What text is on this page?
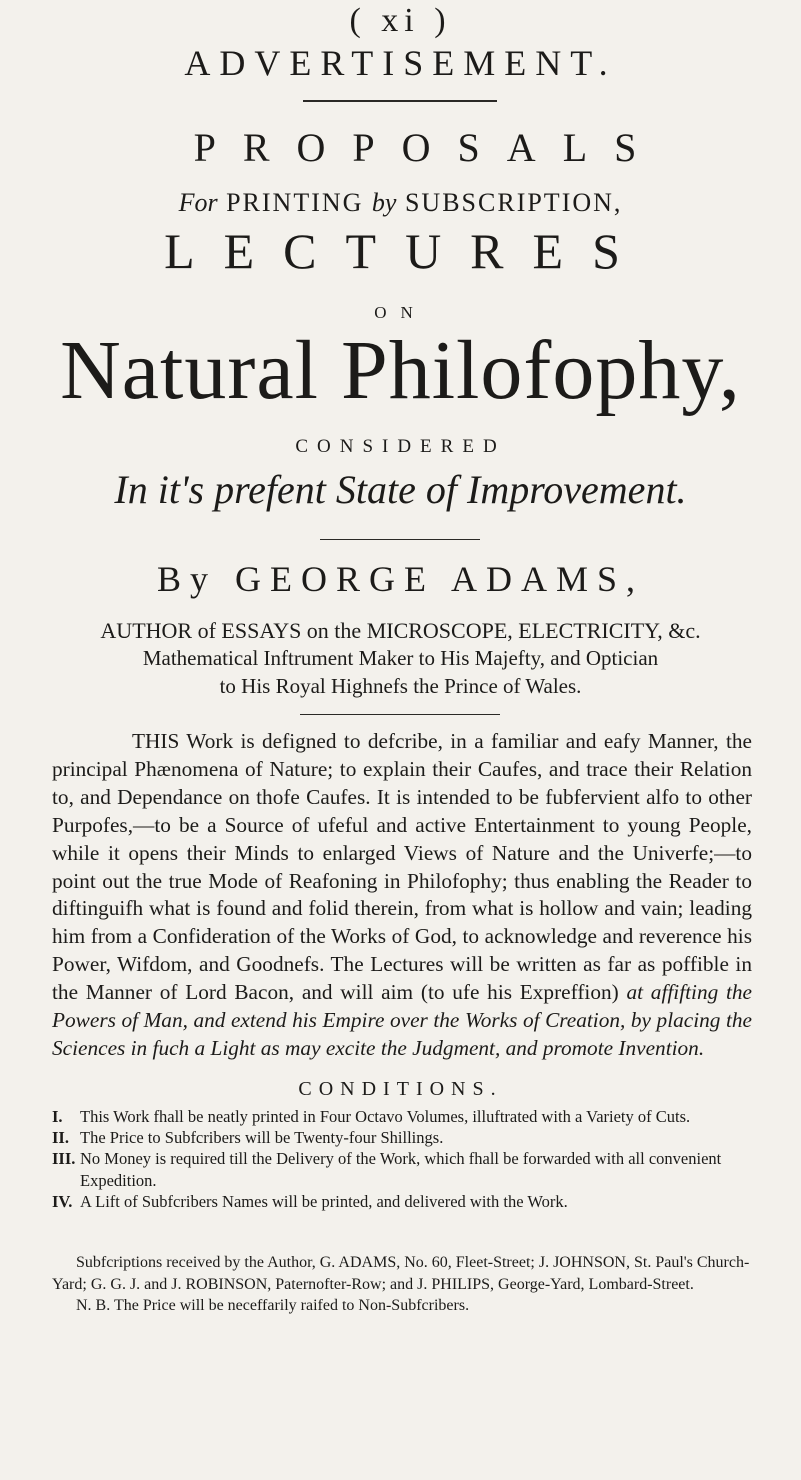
( xi )
ADVERTISEMENT.
PROPOSALS
For PRINTING by SUBSCRIPTION,
LECTURES
ON
Natural Philofophy,
CONSIDERED
In it's prefent State of Improvement.
By GEORGE ADAMS,
AUTHOR of ESSAYS on the MICROSCOPE, ELECTRICITY, &c.
Mathematical Inftrument Maker to His Majefty, and Optician
to His Royal Highnefs the Prince of Wales.

THIS Work is defigned to defcribe, in a familiar and eafy Manner, the principal Phænomena of Nature; to explain their Caufes, and trace their Relation to, and Dependance on thofe Caufes. It is intended to be fubfervient alfo to other Purpofes,—to be a Source of ufeful and active Entertainment to young People, while it opens their Minds to enlarged Views of Nature and the Univerfe;—to point out the true Mode of Reafoning in Philofophy; thus enabling the Reader to diftinguifh what is found and folid therein, from what is hollow and vain; leading him from a Confideration of the Works of God, to acknowledge and reverence his Power, Wifdom, and Goodnefs. The Lectures will be written as far as poffible in the Manner of Lord Bacon, and will aim (to ufe his Expreffion) at affifting the Powers of Man, and extend his Empire over the Works of Creation, by placing the Sciences in fuch a Light as may excite the Judgment, and promote Invention.

CONDITIONS.
I. This Work fhall be neatly printed in Four Octavo Volumes, illuftrated with a Variety of Cuts.
II. The Price to Subfcribers will be Twenty-four Shillings.
III. No Money is required till the Delivery of the Work, which fhall be forwarded with all convenient Expedition.
IV. A Lift of Subfcribers Names will be printed, and delivered with the Work.

Subfcriptions received by the Author, G. ADAMS, No. 60, Fleet-Street; J. JOHNSON, St. Paul's Church-Yard; G. G. J. and J. ROBINSON, Paternofter-Row; and J. PHILIPS, George-Yard, Lombard-Street.

N. B. The Price will be neceffarily raifed to Non-Subfcribers.
